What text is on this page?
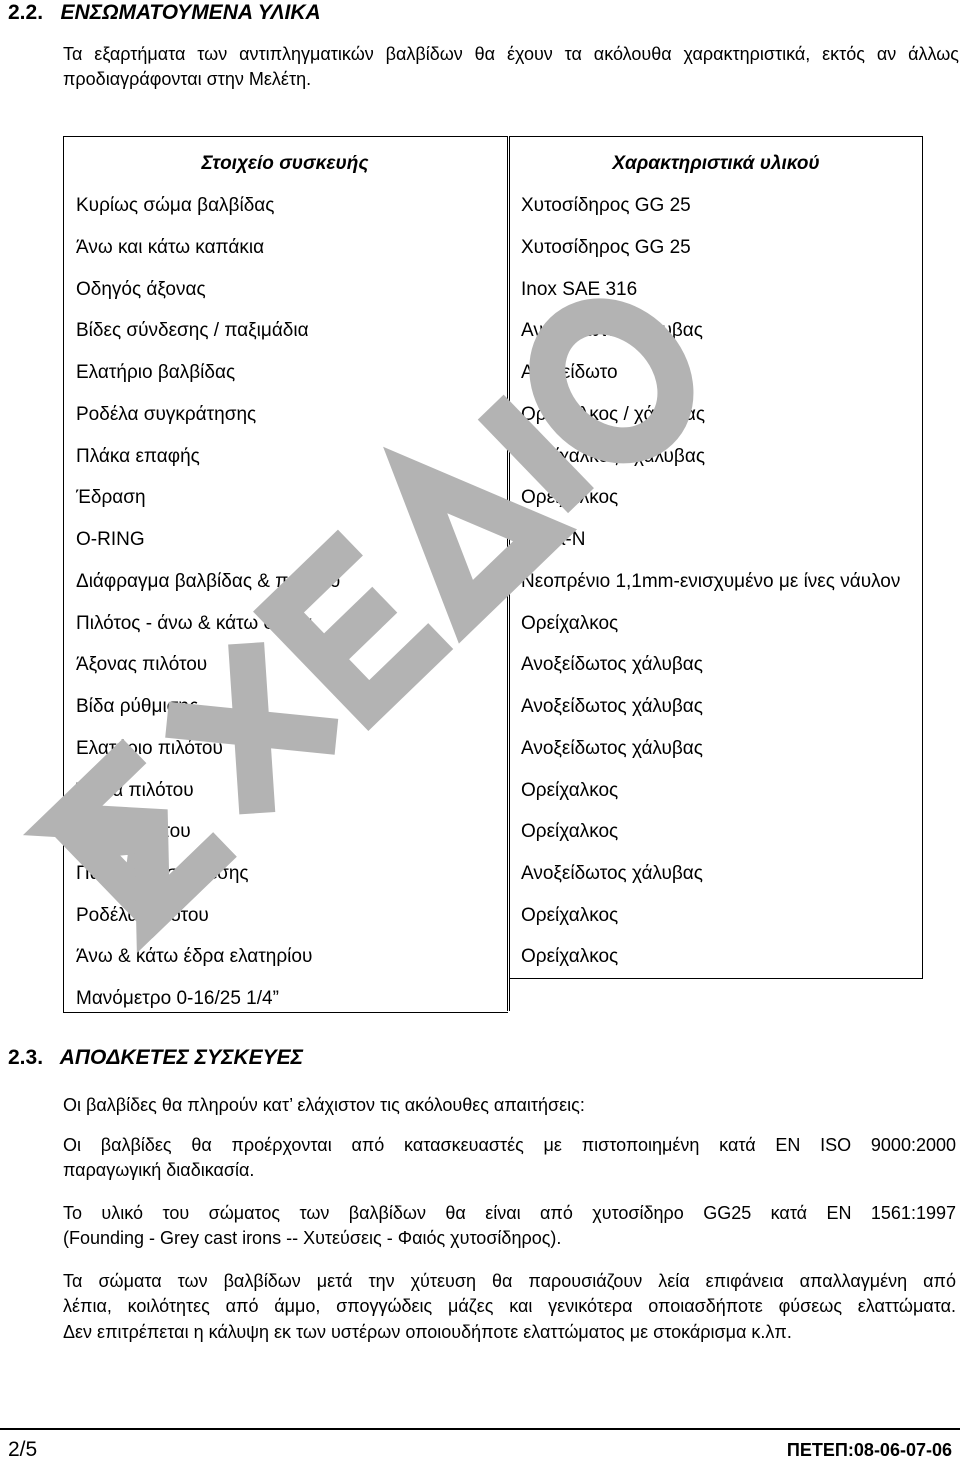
2.2. ΕΝΣΩΜΑΤΟΥΜΕΝΑ ΥΛΙΚΑ
Τα εξαρτήματα των αντιπληγματικών βαλβίδων θα έχουν τα ακόλουθα χαρακτηριστικά, εκτός αν άλλως προδιαγράφονται στην Μελέτη.
Στοιχείο συσκευής	Χαρακτηριστικά υλικού
Κυρίως σώμα βαλβίδας	Χυτοσίδηρος GG 25
Άνω και κάτω καπάκια	Χυτοσίδηρος GG 25
Οδηγός άξονας	Inox SAE 316
Βίδες σύνδεσης / παξιμάδια	Ανοξείδωτος χάλυβας
Ελατήριο βαλβίδας	Ανοξείδωτο
Ροδέλα συγκράτησης	Ορείχαλκος / χάλυβας
Πλάκα επαφής	Ορείχαλκος / χάλυβας
Έδραση	Ορείχαλκος
O-RING	Buna-N
Διάφραγμα βαλβίδας & πιλότου	Νεοπρένιο 1,1mm-ενισχυμένο με ίνες νάυλον
Πιλότος - άνω & κάτω σώμα	Ορείχαλκος
Άξονας πιλότου	Ανοξείδωτος χάλυβας
Βίδα ρύθμισης	Ανοξείδωτος χάλυβας
Ελατήριο πιλότου	Ανοξείδωτος χάλυβας
Έδρα πιλότου	Ορείχαλκος
Τάπα πιλότου	Ορείχαλκος
Παξιμάδια σύνδεσης	Ανοξείδωτος χάλυβας
Ροδέλα πιλότου	Ορείχαλκος
Άνω & κάτω έδρα ελατηρίου	Ορείχαλκος
Μανόμετρο 0-16/25 1/4”
2.3. ΑΠΟΔΚΕΤΕΣ ΣΥΣΚΕΥΕΣ
Οι βαλβίδες θα πληρούν κατ’ ελάχιστον τις ακόλουθες απαιτήσεις:
Οι βαλβίδες θα προέρχονται από κατασκευαστές με πιστοποιημένη κατά ΕΝ ISO 9000:2000
παραγωγική διαδικασία.
Το υλικό του σώματος των βαλβίδων θα είναι από χυτοσίδηρο GG25 κατά ΕΝ 1561:1997
(Founding - Grey cast irons -- Χυτεύσεις - Φαιός χυτοσίδηρος).
Τα σώματα των βαλβίδων μετά την χύτευση θα παρουσιάζουν λεία επιφάνεια απαλλαγμένη από
λέπια, κοιλότητες από άμμο, σπογγώδεις μάζες και γενικότερα οποιασδήποτε φύσεως ελαττώματα.
Δεν επιτρέπεται η κάλυψη εκ των υστέρων οποιουδήποτε ελαττώματος με στοκάρισμα κ.λπ.
2/5	ΠΕΤΕΠ:08-06-07-06
